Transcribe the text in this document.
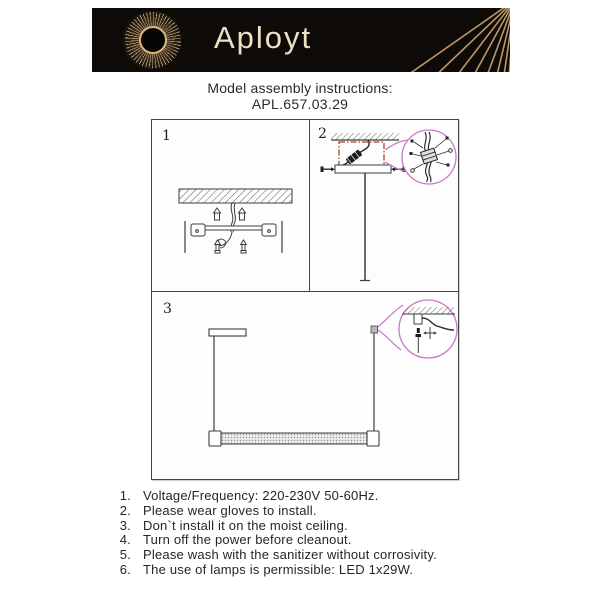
Aployt
Model assembly instructions:
APL.657.03.29
1	2
3
1. Voltage/Frequency: 220-230V 50-60Hz.
2. Please wear gloves to install.
3. Don`t install it on the moist ceiling.
4. Turn off the power before cleanout.
5. Please wash with the sanitizer without corrosivity.
6. The use of lamps is permissible: LED 1x29W.
